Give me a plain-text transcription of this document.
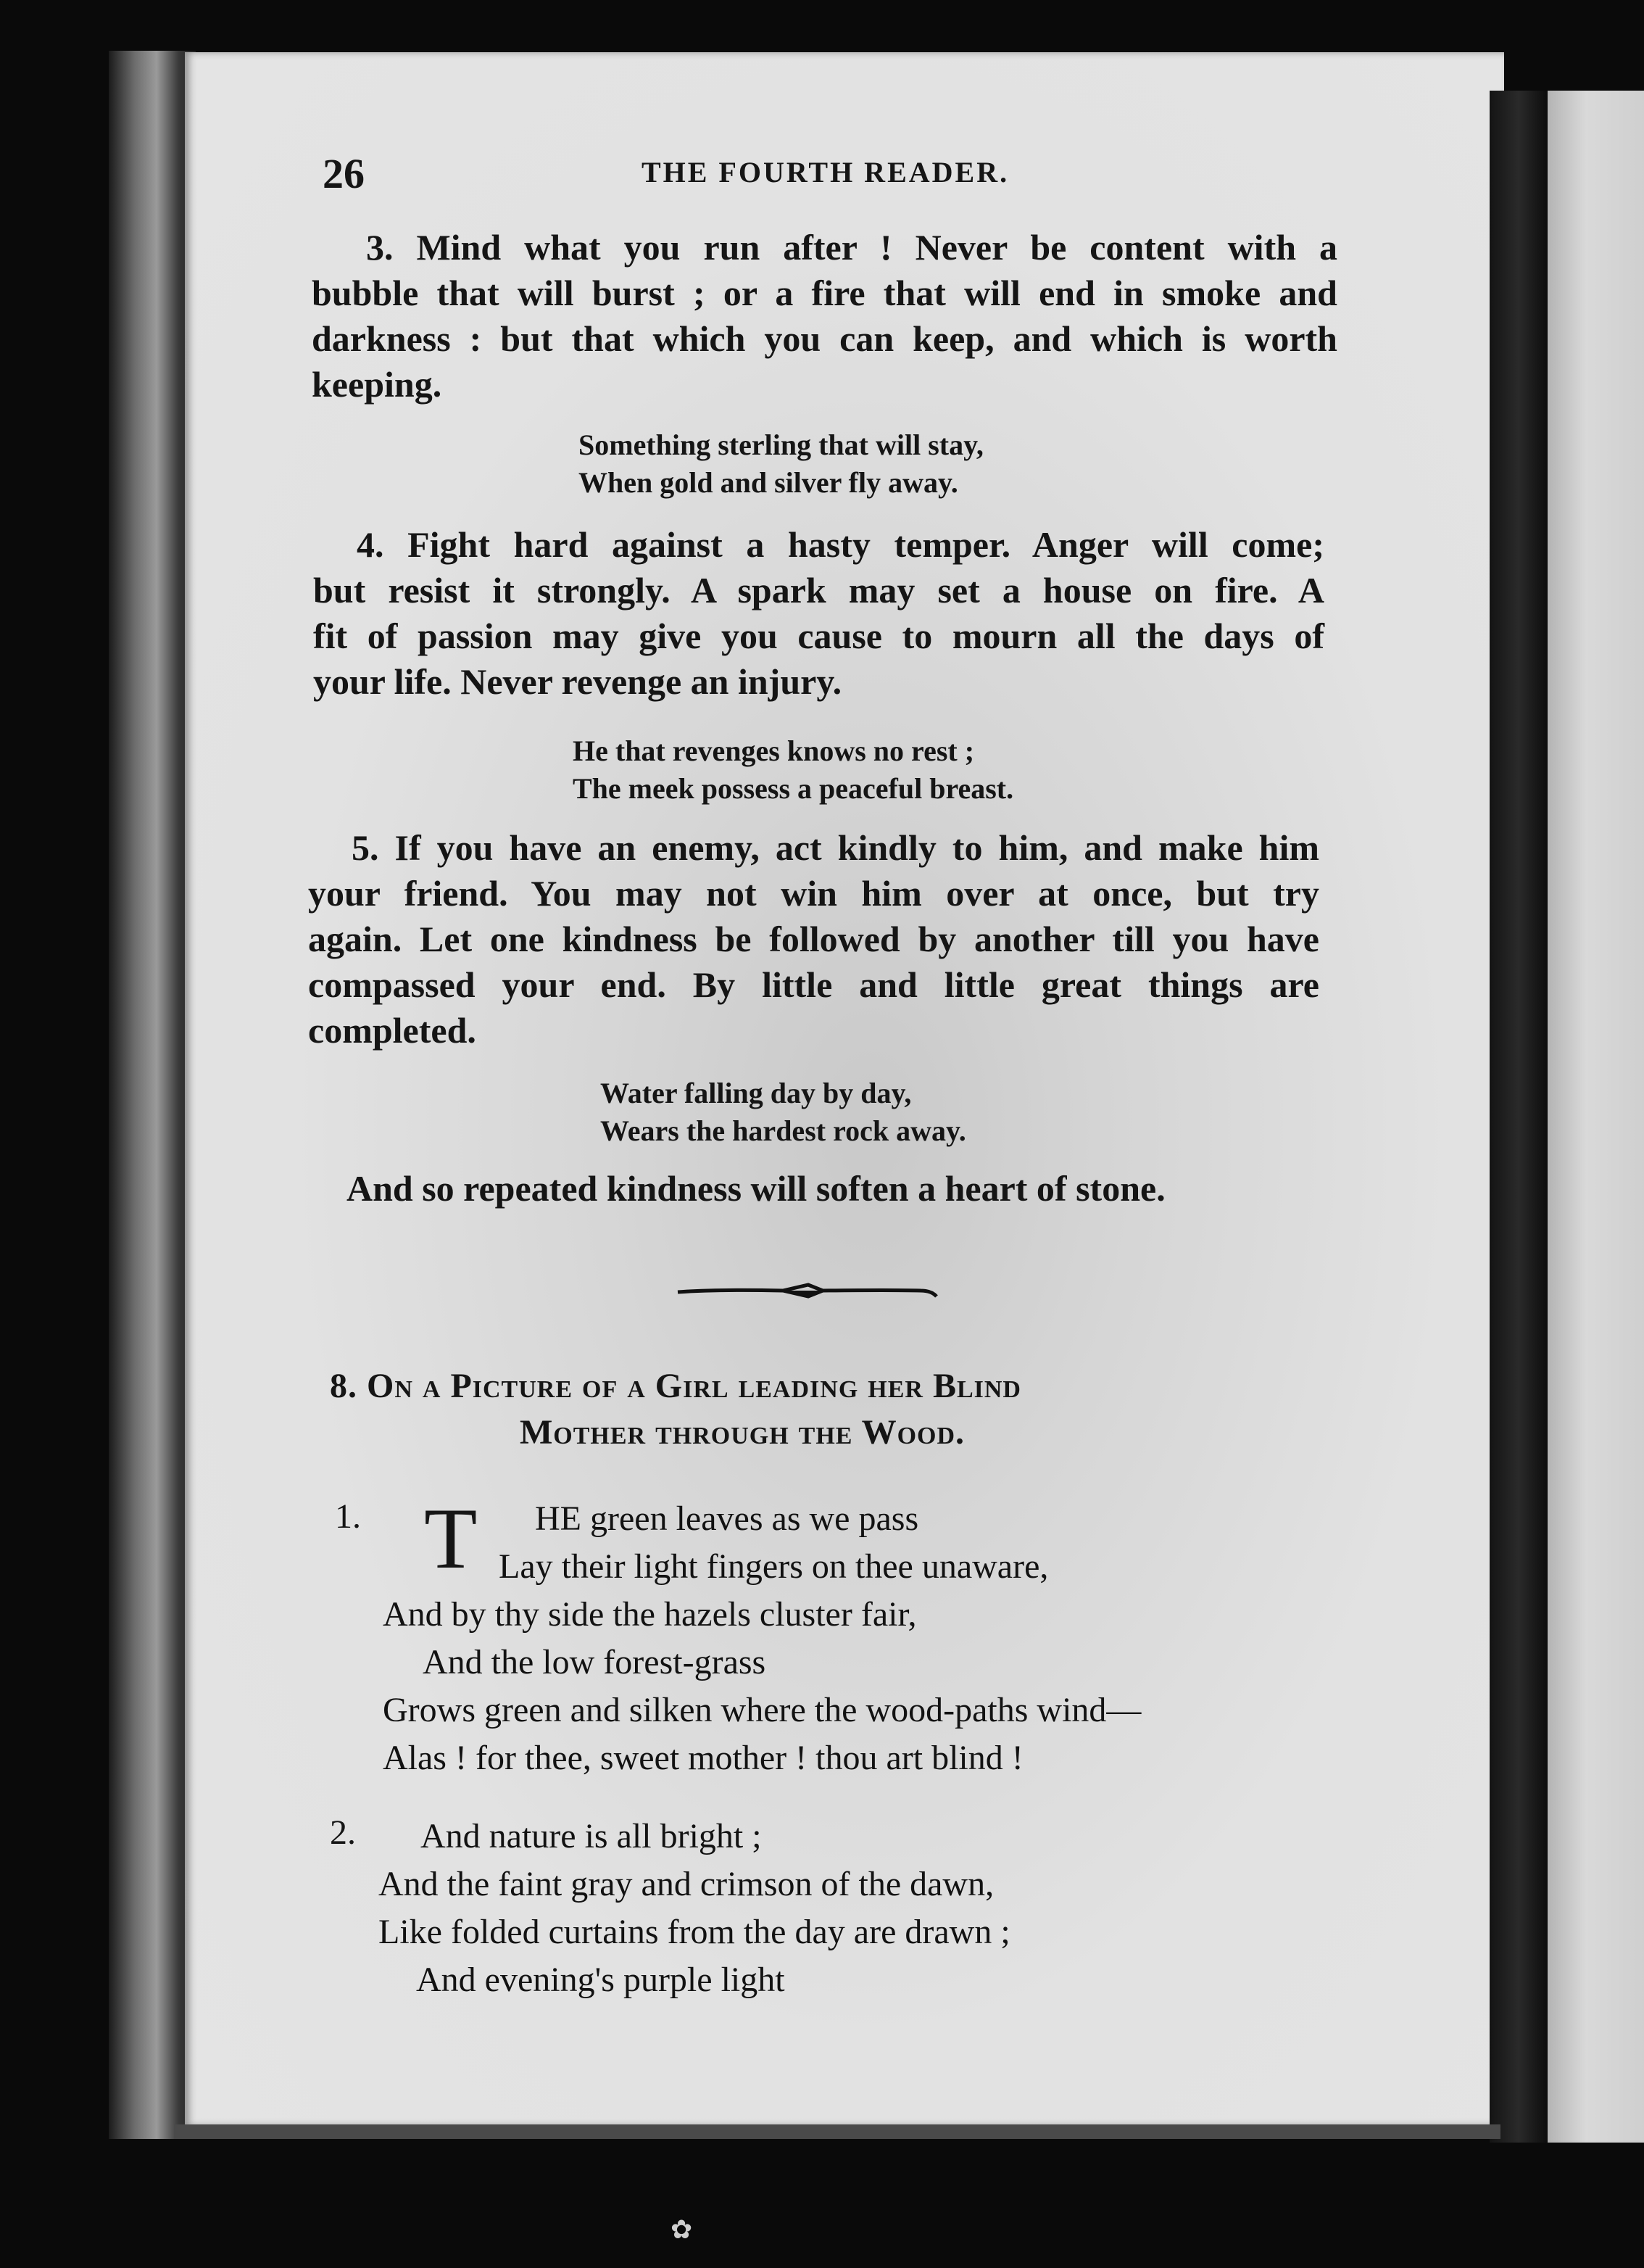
26	THE FOURTH READER.
3. Mind what you run after ! Never be content with a
bubble that will burst ; or a fire that will end in smoke and
darkness : but that which you can keep, and which is worth
keeping.
Something sterling that will stay,
When gold and silver fly away.
4. Fight hard against a hasty temper. Anger will come;
but resist it strongly. A spark may set a house on fire. A
fit of passion may give you cause to mourn all the days of
your life. Never revenge an injury.
He that revenges knows no rest ;
The meek possess a peaceful breast.
5. If you have an enemy, act kindly to him, and make him
your friend. You may not win him over at once, but try
again. Let one kindness be followed by another till you have
compassed your end. By little and little great things are
completed.
Water falling day by day,
Wears the hardest rock away.
And so repeated kindness will soften a heart of stone.
8. On a Picture of a Girl leading her Blind
Mother through the Wood.
1. T	HE green leaves as we pass
Lay their light fingers on thee unaware,
And by thy side the hazels cluster fair,
And the low forest-grass
Grows green and silken where the wood-paths wind—
Alas ! for thee, sweet mother ! thou art blind !
2.	And nature is all bright ;
And the faint gray and crimson of the dawn,
Like folded curtains from the day are drawn ;
And evening's purple light
✿
